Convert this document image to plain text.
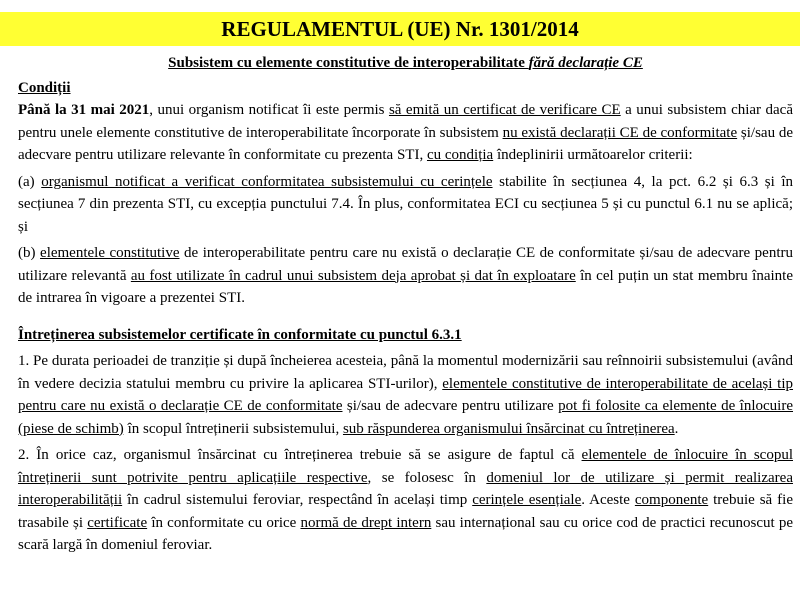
REGULAMENTUL (UE) Nr. 1301/2014

Subsistem cu elemente constitutive de interoperabilitate fără declarație CE

Condiții

Până la 31 mai 2021, unui organism notificat îi este permis să emită un certificat de verificare CE a unui subsistem chiar dacă pentru unele elemente constitutive de interoperabilitate încorporate în subsistem nu există declarații CE de conformitate și/sau de adecvare pentru utilizare relevante în conformitate cu prezenta STI, cu condiția îndeplinirii următoarelor criterii:

(a) organismul notificat a verificat conformitatea subsistemului cu cerințele stabilite în secțiunea 4, la pct. 6.2 și 6.3 și în secțiunea 7 din prezenta STI, cu excepția punctului 7.4. În plus, conformitatea ECI cu secțiunea 5 și cu punctul 6.1 nu se aplică; și

(b) elementele constitutive de interoperabilitate pentru care nu există o declarație CE de conformitate și/sau de adecvare pentru utilizare relevantă au fost utilizate în cadrul unui subsistem deja aprobat și dat în exploatare în cel puțin un stat membru înainte de intrarea în vigoare a prezentei STI.

Întreținerea subsistemelor certificate în conformitate cu punctul 6.3.1

1. Pe durata perioadei de tranziție și după încheierea acesteia, până la momentul modernizării sau reînnoirii subsistemului (având în vedere decizia statului membru cu privire la aplicarea STI-urilor), elementele constitutive de interoperabilitate de același tip pentru care nu există o declarație CE de conformitate și/sau de adecvare pentru utilizare pot fi folosite ca elemente de înlocuire (piese de schimb) în scopul întreținerii subsistemului, sub răspunderea organismului însărcinat cu întreținerea.

2. În orice caz, organismul însărcinat cu întreținerea trebuie să se asigure de faptul că elementele de înlocuire în scopul întreținerii sunt potrivite pentru aplicațiile respective, se folosesc în domeniul lor de utilizare și permit realizarea interoperabilității în cadrul sistemului feroviar, respectând în același timp cerințele esențiale. Aceste componente trebuie să fie trasabile și certificate în conformitate cu orice normă de drept intern sau internațional sau cu orice cod de practici recunoscut pe scară largă în domeniul feroviar.
